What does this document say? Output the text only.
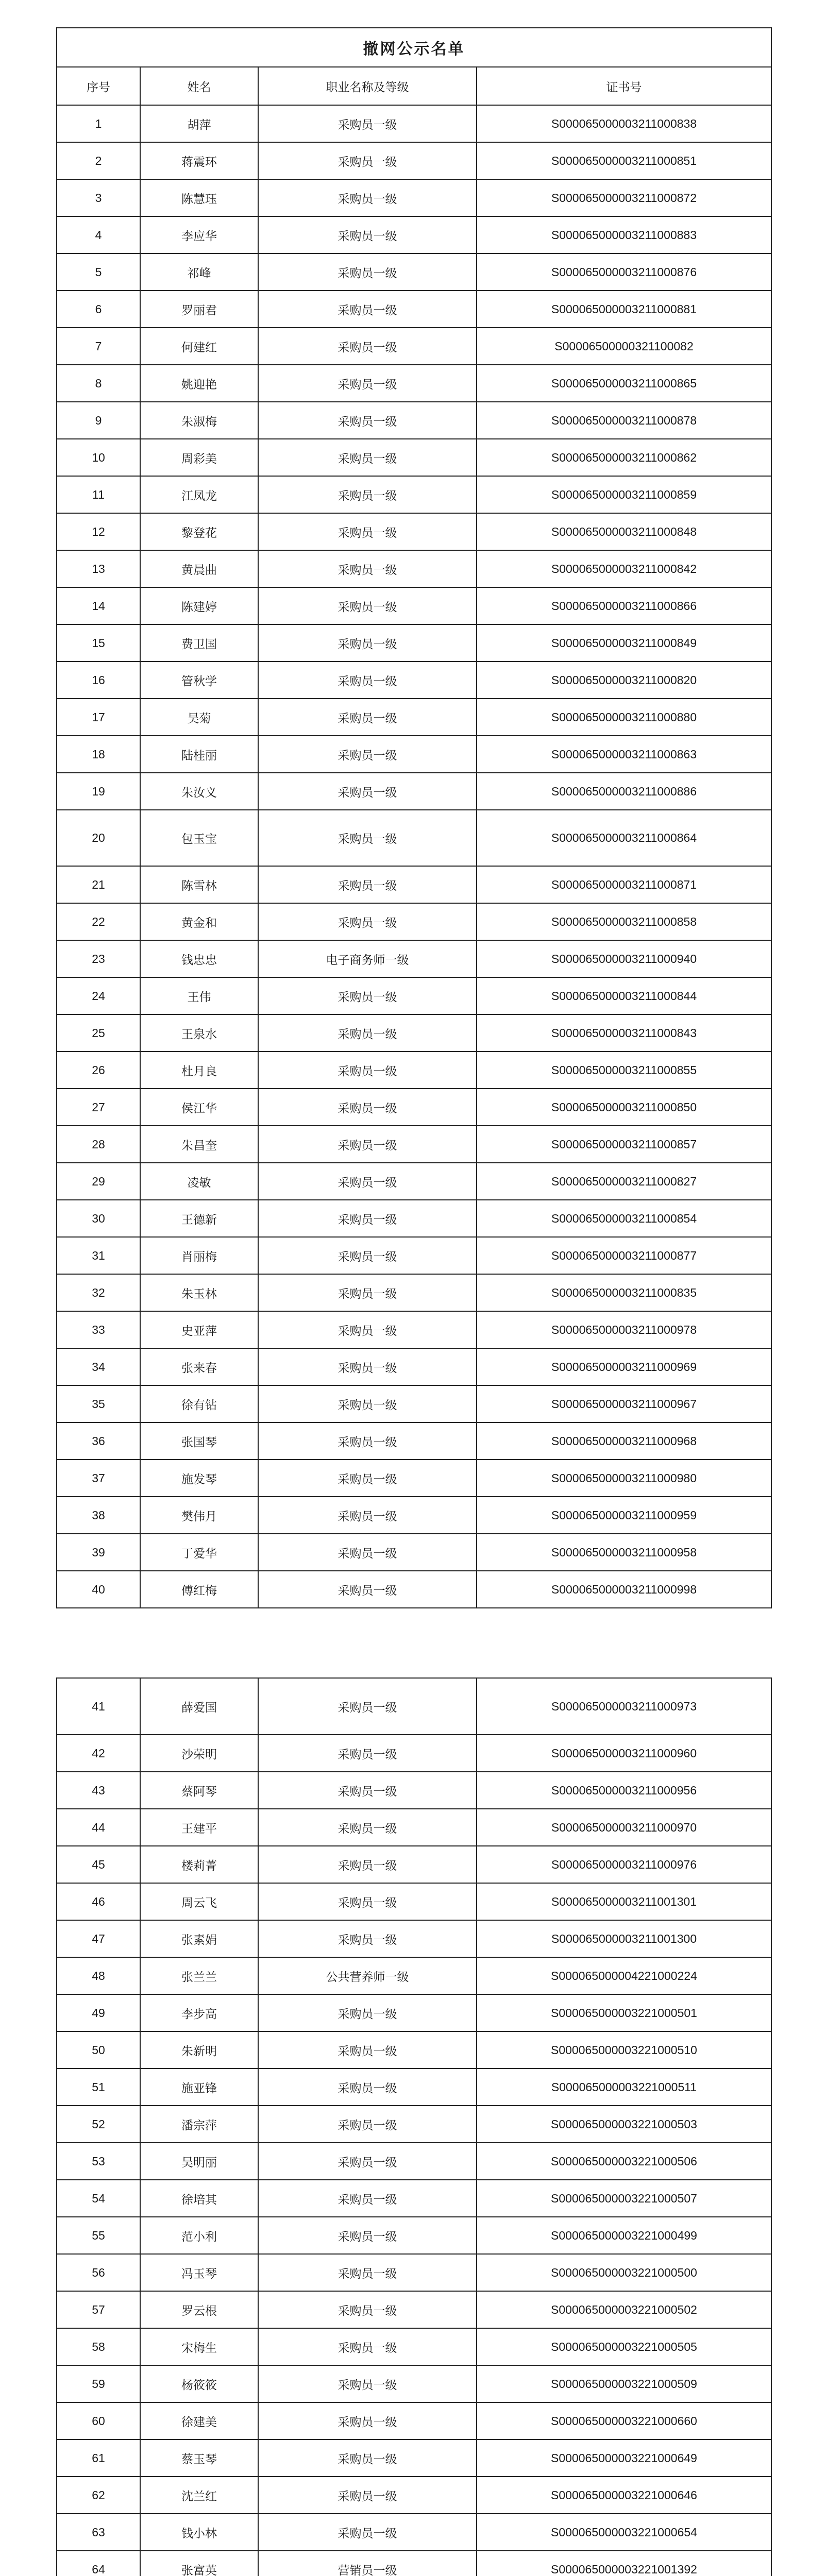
撤网公示名单			
序号	姓名	职业名称及等级	证书号
1	胡萍	采购员一级	S000065000003211000838
2	蒋震环	采购员一级	S000065000003211000851
3	陈慧珏	采购员一级	S000065000003211000872
4	李应华	采购员一级	S000065000003211000883
5	祁峰	采购员一级	S000065000003211000876
6	罗丽君	采购员一级	S000065000003211000881
7	何建红	采购员一级	S00006500000321100082
8	姚迎艳	采购员一级	S000065000003211000865
9	朱淑梅	采购员一级	S000065000003211000878
10	周彩美	采购员一级	S000065000003211000862
11	江凤龙	采购员一级	S000065000003211000859
12	黎登花	采购员一级	S000065000003211000848
13	黄晨曲	采购员一级	S000065000003211000842
14	陈建婷	采购员一级	S000065000003211000866
15	费卫国	采购员一级	S000065000003211000849
16	管秋学	采购员一级	S000065000003211000820
17	吴菊	采购员一级	S000065000003211000880
18	陆桂丽	采购员一级	S000065000003211000863
19	朱汝义	采购员一级	S000065000003211000886
20	包玉宝	采购员一级	S000065000003211000864
21	陈雪林	采购员一级	S000065000003211000871
22	黄金和	采购员一级	S000065000003211000858
23	钱忠忠	电子商务师一级	S000065000003211000940
24	王伟	采购员一级	S000065000003211000844
25	王泉水	采购员一级	S000065000003211000843
26	杜月良	采购员一级	S000065000003211000855
27	侯江华	采购员一级	S000065000003211000850
28	朱昌奎	采购员一级	S000065000003211000857
29	凌敏	采购员一级	S000065000003211000827
30	王德新	采购员一级	S000065000003211000854
31	肖丽梅	采购员一级	S000065000003211000877
32	朱玉林	采购员一级	S000065000003211000835
33	史亚萍	采购员一级	S000065000003211000978
34	张来春	采购员一级	S000065000003211000969
35	徐有钻	采购员一级	S000065000003211000967
36	张国琴	采购员一级	S000065000003211000968
37	施发琴	采购员一级	S000065000003211000980
38	樊伟月	采购员一级	S000065000003211000959
39	丁爱华	采购员一级	S000065000003211000958
40	傅红梅	采购员一级	S000065000003211000998
41	薛爱国	采购员一级	S000065000003211000973
42	沙荣明	采购员一级	S000065000003211000960
43	蔡阿琴	采购员一级	S000065000003211000956
44	王建平	采购员一级	S000065000003211000970
45	楼莉菁	采购员一级	S000065000003211000976
46	周云飞	采购员一级	S000065000003211001301
47	张素娟	采购员一级	S000065000003211001300
48	张兰兰	公共营养师一级	S000065000004221000224
49	李步高	采购员一级	S000065000003221000501
50	朱新明	采购员一级	S000065000003221000510
51	施亚锋	采购员一级	S000065000003221000511
52	潘宗萍	采购员一级	S000065000003221000503
53	吴明丽	采购员一级	S000065000003221000506
54	徐培其	采购员一级	S000065000003221000507
55	范小利	采购员一级	S000065000003221000499
56	冯玉琴	采购员一级	S000065000003221000500
57	罗云根	采购员一级	S000065000003221000502
58	宋梅生	采购员一级	S000065000003221000505
59	杨筱筱	采购员一级	S000065000003221000509
60	徐建美	采购员一级	S000065000003221000660
61	蔡玉琴	采购员一级	S000065000003221000649
62	沈兰红	采购员一级	S000065000003221000646
63	钱小林	采购员一级	S000065000003221000654
64	张富英	营销员一级	S000065000003221001392
